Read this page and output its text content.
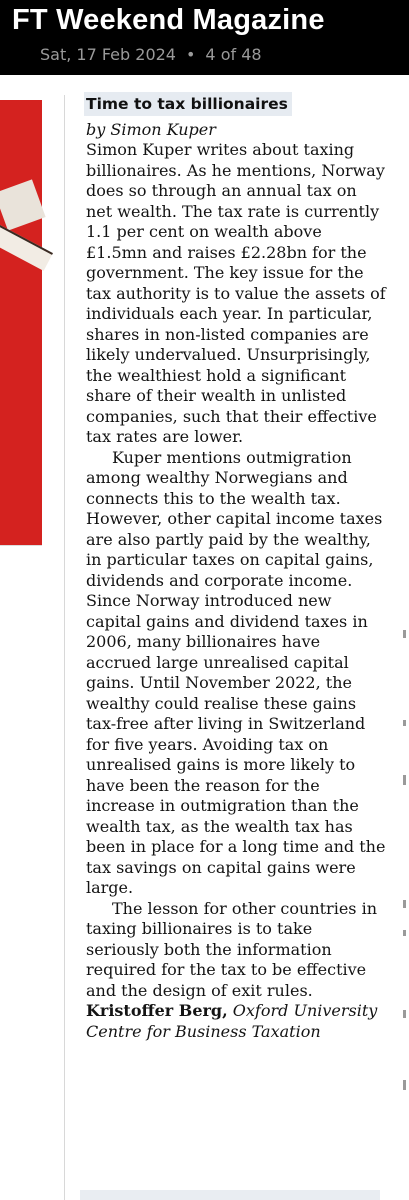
FT Weekend Magazine
Sat, 17 Feb 2024 • 4 of 48
Time to tax billionaires
by Simon Kuper

Simon Kuper writes about taxing billionaires. As he mentions, Norway does so through an annual tax on net wealth. The tax rate is currently 1.1 per cent on wealth above £1.5mn and raises £2.28bn for the government. The key issue for the tax authority is to value the assets of individuals each year. In particular, shares in non-listed companies are likely undervalued. Unsurprisingly, the wealthiest hold a significant share of their wealth in unlisted companies, such that their effective tax rates are lower.

Kuper mentions outmigration among wealthy Norwegians and connects this to the wealth tax. However, other capital income taxes are also partly paid by the wealthy, in particular taxes on capital gains, dividends and corporate income. Since Norway introduced new capital gains and dividend taxes in 2006, many billionaires have accrued large unrealised capital gains. Until November 2022, the wealthy could realise these gains tax-free after living in Switzerland for five years. Avoiding tax on unrealised gains is more likely to have been the reason for the increase in outmigration than the wealth tax, as the wealth tax has been in place for a long time and the tax savings on capital gains were large.

The lesson for other countries in taxing billionaires is to take seriously both the information required for the tax to be effective and the design of exit rules.

Kristoffer Berg, Oxford University Centre for Business Taxation
